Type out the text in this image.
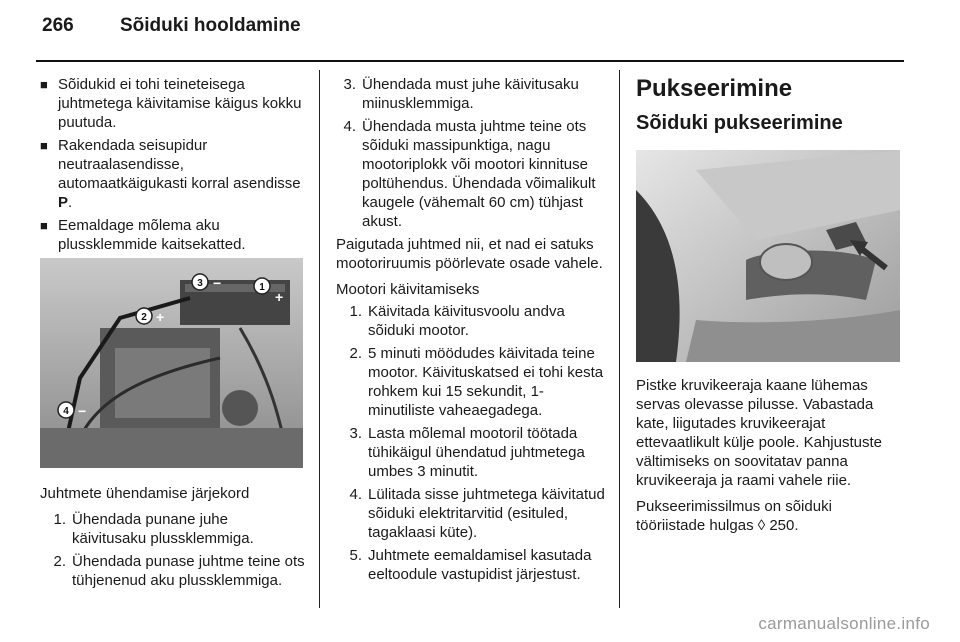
266 Sõiduki hooldamine
■ Sõidukid ei tohi teineteisega juhtmetega käivitamise käigus kokku puutuda.
■ Rakendada seisupidur neutraalasendisse, automaatkäigukasti korral asendisse P.
■ Eemaldage mõlema aku plussklemmide kaitsekatted.
3 −	1
+
2 +
4 −

Juhtmete ühendamise järjekord

1. Ühendada punane juhe käivitusaku plussklemmiga.
2. Ühendada punase juhtme teine ots tühjenenud aku plussklemmiga.
3. Ühendada must juhe käivitusaku miinusklemmiga.
4. Ühendada musta juhtme teine ots sõiduki massipunktiga, nagu mootoriplokk või mootori kinnituse poltühendus. Ühendada võimalikult kaugele (vähemalt 60 cm) tühjast akust.

Paigutada juhtmed nii, et nad ei satuks mootoriruumis pöörlevate osade vahele.

Mootori käivitamiseks

1. Käivitada käivitusvoolu andva sõiduki mootor.
2. 5 minuti möödudes käivitada teine mootor. Käivituskatsed ei tohi kesta rohkem kui 15 sekundit, 1-minutiliste vaheaegadega.
3. Lasta mõlemal mootoril töötada tühikäigul ühendatud juhtmetega umbes 3 minutit.
4. Lülitada sisse juhtmetega käivitatud sõiduki elektritarvitid (esituled, tagaklaasi küte).
5. Juhtmete eemaldamisel kasutada eeltoodule vastupidist järjestust.
Pukseerimine
Sõiduki pukseerimine

Pistke kruvikeeraja kaane lühemas servas olevasse pilusse. Vabastada kate, liigutades kruvikeerajat ettevaatlikult külje poole. Kahjustuste vältimiseks on soovitatav panna kruvikeeraja ja raami vahele riie.

Pukseerimissilmus on sõiduki tööriistade hulgas ◊ 250.

carmanualsonline.info
